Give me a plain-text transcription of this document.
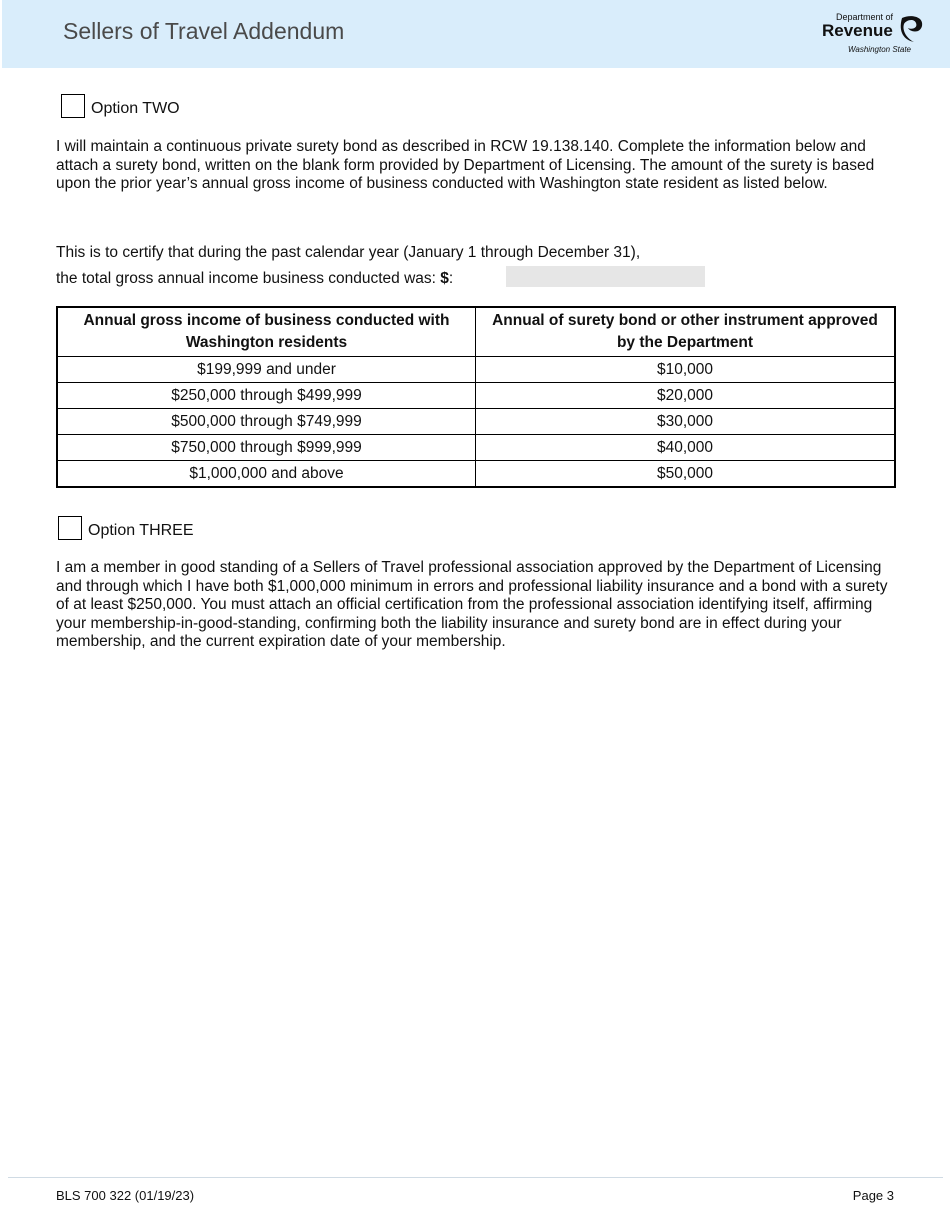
Sellers of Travel Addendum
Department of
Revenue
Washington State
Option TWO
I will maintain a continuous private surety bond as described in RCW 19.138.140. Complete the information below and attach a surety bond, written on the blank form provided by Department of Licensing. The amount of the surety is based upon the prior year’s annual gross income of business conducted with Washington state resident as listed below.
This is to certify that during the past calendar year (January 1 through December 31),
the total gross annual income business conducted was: $:
Annual gross income of business conducted with Washington residents	Annual of surety bond or other instrument approved by the Department
$199,999 and under	$10,000
$250,000 through $499,999	$20,000
$500,000 through $749,999	$30,000
$750,000 through $999,999	$40,000
$1,000,000 and above	$50,000
Option THREE
I am a member in good standing of a Sellers of Travel professional association approved by the Department of Licensing and through which I have both $1,000,000 minimum in errors and professional liability insurance and a bond with a surety of at least $250,000. You must attach an official certification from the professional association identifying itself, affirming your membership-in-good-standing, confirming both the liability insurance and surety bond are in effect during your membership, and the current expiration date of your membership.
BLS 700 322 (01/19/23)	Page 3
